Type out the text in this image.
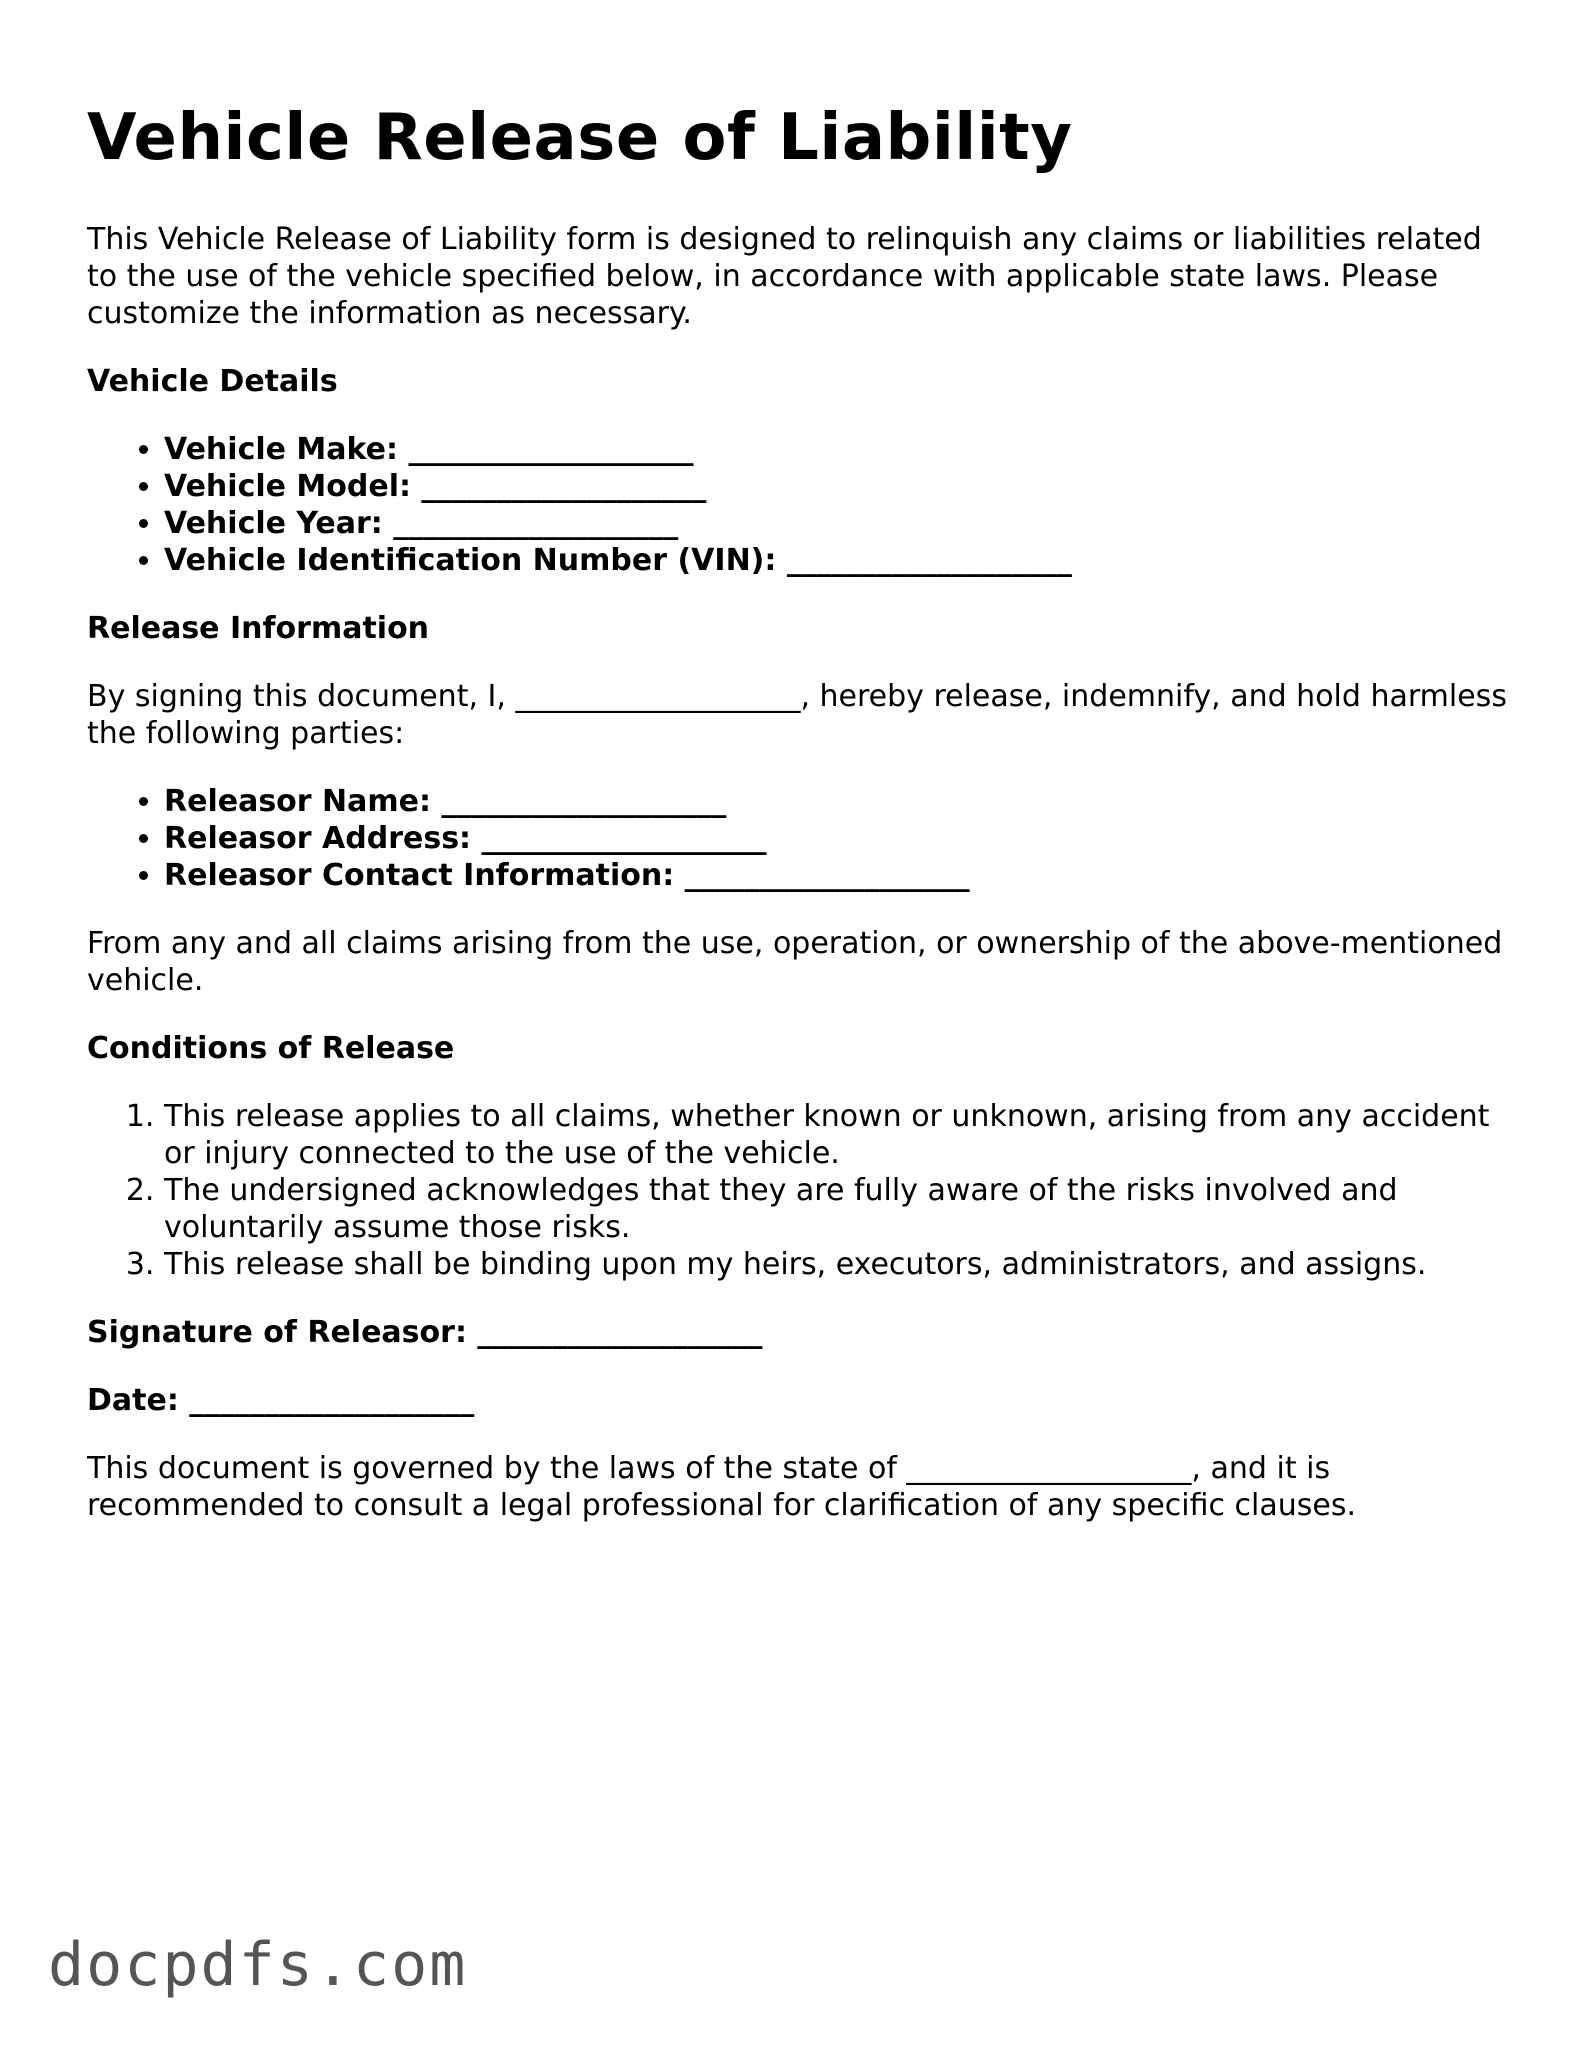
Vehicle Release of Liability

This Vehicle Release of Liability form is designed to relinquish any claims or liabilities related to the use of the vehicle specified below, in accordance with applicable state laws. Please customize the information as necessary.

Vehicle Details

• Vehicle Make: ___________________
• Vehicle Model: ___________________
• Vehicle Year: ___________________
• Vehicle Identification Number (VIN): ___________________

Release Information

By signing this document, I, ___________________, hereby release, indemnify, and hold harmless the following parties:

• Releasor Name: ___________________
• Releasor Address: ___________________
• Releasor Contact Information: ___________________

From any and all claims arising from the use, operation, or ownership of the above-mentioned vehicle.

Conditions of Release

1. This release applies to all claims, whether known or unknown, arising from any accident or injury connected to the use of the vehicle.
2. The undersigned acknowledges that they are fully aware of the risks involved and voluntarily assume those risks.
3. This release shall be binding upon my heirs, executors, administrators, and assigns.

Signature of Releasor: ___________________

Date: ___________________

This document is governed by the laws of the state of ___________________, and it is recommended to consult a legal professional for clarification of any specific clauses.

docpdfs.com
